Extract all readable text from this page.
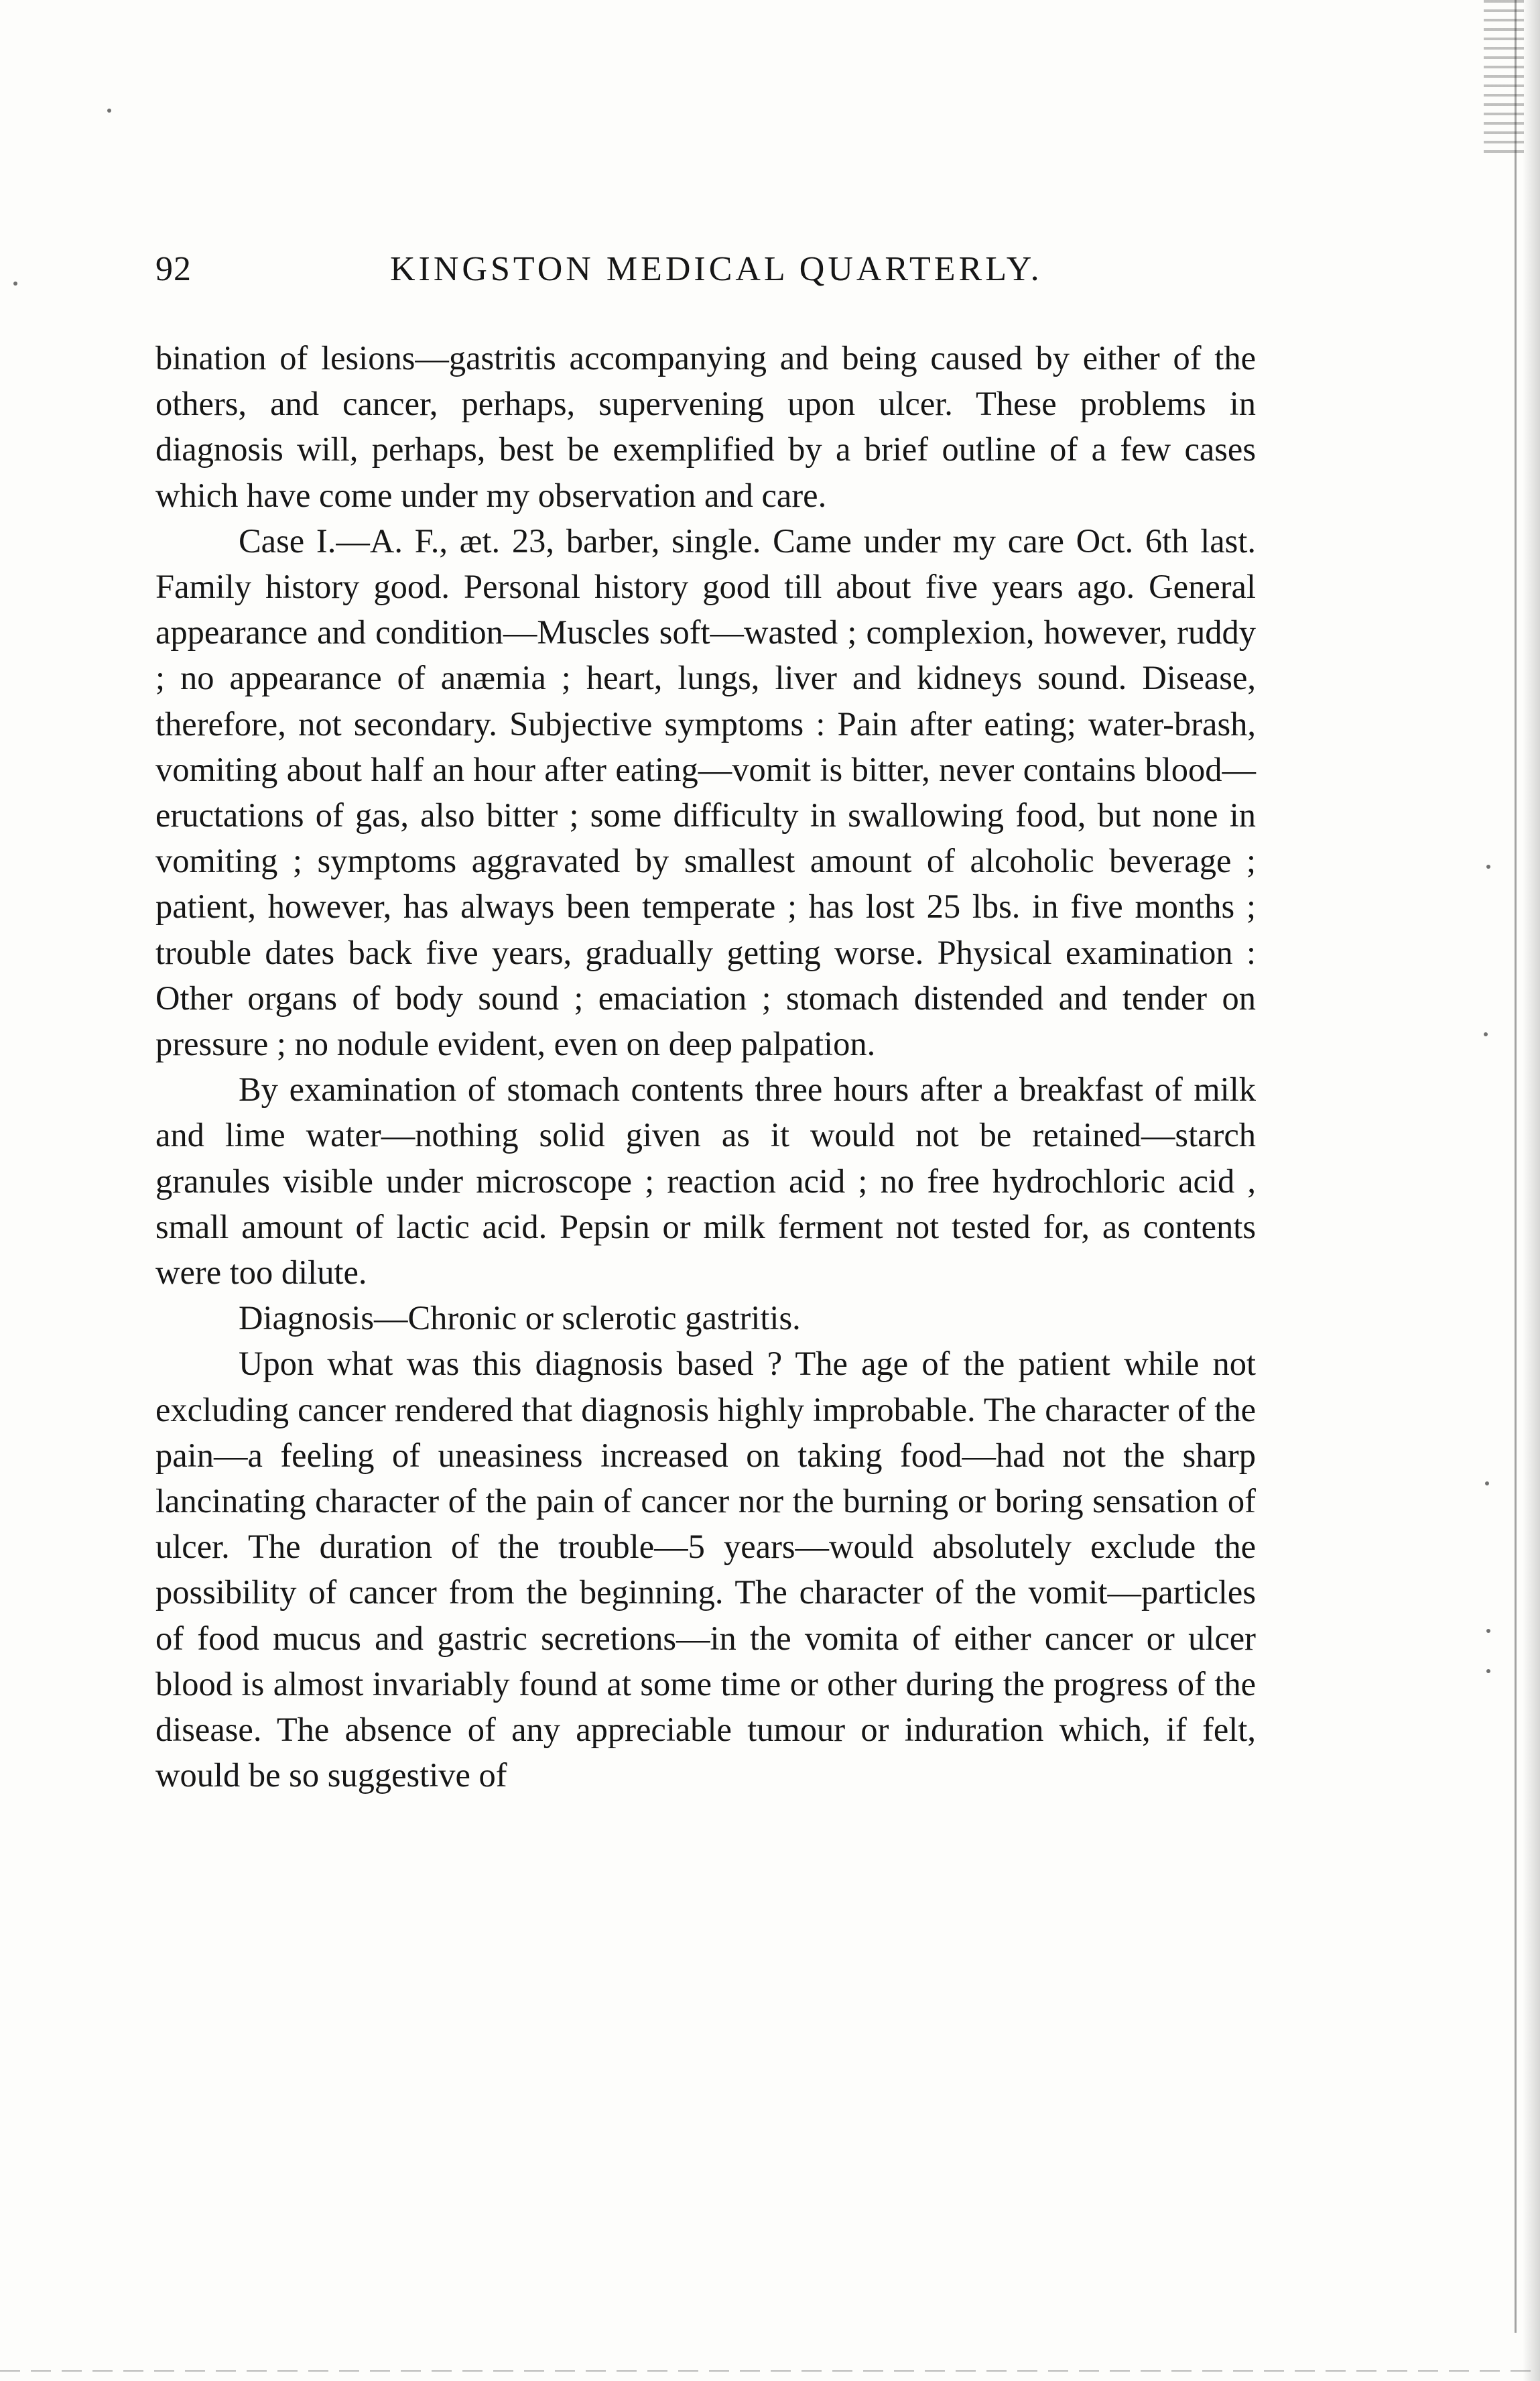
92	KINGSTON MEDICAL QUARTERLY.

bination of lesions—gastritis accompanying and being caused by either of the others, and cancer, perhaps, supervening upon ulcer. These problems in diagnosis will, perhaps, best be exemplified by a brief outline of a few cases which have come under my observation and care.

Case I.—A. F., æt. 23, barber, single. Came under my care Oct. 6th last. Family history good. Personal history good till about five years ago. General appearance and condition—Muscles soft—wasted ; complexion, however, ruddy ; no appearance of anæmia ; heart, lungs, liver and kidneys sound. Disease, therefore, not secondary. Subjective symptoms : Pain after eating; water-brash, vomiting about half an hour after eating—vomit is bitter, never contains blood—eructations of gas, also bitter ; some difficulty in swallowing food, but none in vomiting ; symptoms aggravated by smallest amount of alcoholic beverage ; patient, however, has always been temperate ; has lost 25 lbs. in five months ; trouble dates back five years, gradually getting worse. Physical examination : Other organs of body sound ; emaciation ; stomach distended and tender on pressure ; no nodule evident, even on deep palpation.

By examination of stomach contents three hours after a breakfast of milk and lime water—nothing solid given as it would not be retained—starch granules visible under microscope ; reaction acid ; no free hydrochloric acid , small amount of lactic acid. Pepsin or milk ferment not tested for, as contents were too dilute.

Diagnosis—Chronic or sclerotic gastritis.

Upon what was this diagnosis based ? The age of the patient while not excluding cancer rendered that diagnosis highly improbable. The character of the pain—a feeling of uneasiness increased on taking food—had not the sharp lancinating character of the pain of cancer nor the burning or boring sensation of ulcer. The duration of the trouble—5 years—would absolutely exclude the possibility of cancer from the beginning. The character of the vomit—particles of food mucus and gastric secretions—in the vomita of either cancer or ulcer blood is almost invariably found at some time or other during the progress of the disease. The absence of any appreciable tumour or induration which, if felt, would be so suggestive of
